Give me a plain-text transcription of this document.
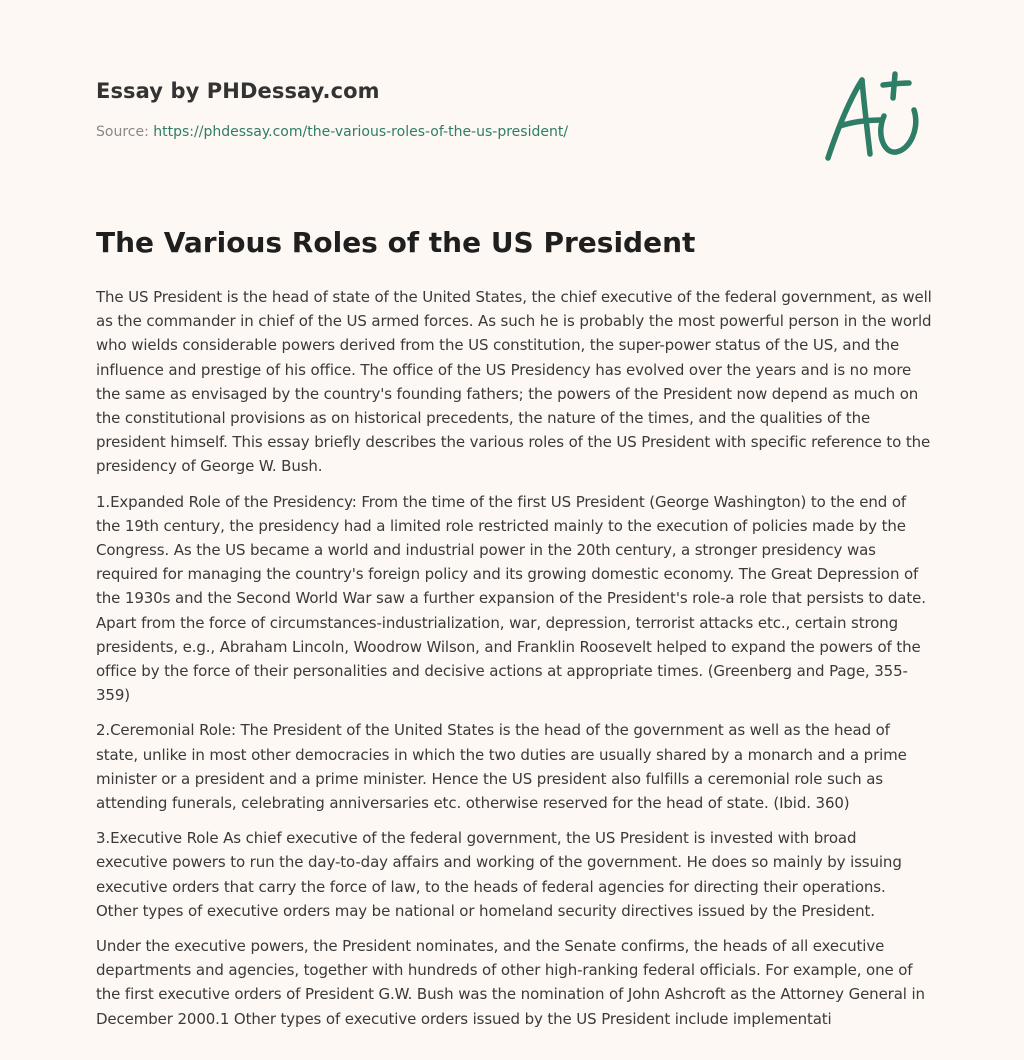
Essay by PHDessay.com
Source: https://phdessay.com/the-various-roles-of-the-us-president/
The Various Roles of the US President

The US President is the head of state of the United States, the chief executive of the federal government, as well as the commander in chief of the US armed forces. As such he is probably the most powerful person in the world who wields considerable powers derived from the US constitution, the super-power status of the US, and the influence and prestige of his office. The office of the US Presidency has evolved over the years and is no more the same as envisaged by the country's founding fathers; the powers of the President now depend as much on the constitutional provisions as on historical precedents, the nature of the times, and the qualities of the president himself. This essay briefly describes the various roles of the US President with specific reference to the presidency of George W. Bush.

1.Expanded Role of the Presidency: From the time of the first US President (George Washington) to the end of the 19th century, the presidency had a limited role restricted mainly to the execution of policies made by the Congress. As the US became a world and industrial power in the 20th century, a stronger presidency was required for managing the country's foreign policy and its growing domestic economy. The Great Depression of the 1930s and the Second World War saw a further expansion of the President's role-a role that persists to date. Apart from the force of circumstances-industrialization, war, depression, terrorist attacks etc., certain strong presidents, e.g., Abraham Lincoln, Woodrow Wilson, and Franklin Roosevelt helped to expand the powers of the office by the force of their personalities and decisive actions at appropriate times. (Greenberg and Page, 355-359)

2.Ceremonial Role: The President of the United States is the head of the government as well as the head of state, unlike in most other democracies in which the two duties are usually shared by a monarch and a prime minister or a president and a prime minister. Hence the US president also fulfills a ceremonial role such as attending funerals, celebrating anniversaries etc. otherwise reserved for the head of state. (Ibid. 360)

3.Executive Role As chief executive of the federal government, the US President is invested with broad executive powers to run the day-to-day affairs and working of the government. He does so mainly by issuing executive orders that carry the force of law, to the heads of federal agencies for directing their operations. Other types of executive orders may be national or homeland security directives issued by the President.

Under the executive powers, the President nominates, and the Senate confirms, the heads of all executive departments and agencies, together with hundreds of other high-ranking federal officials. For example, one of the first executive orders of President G.W. Bush was the nomination of John Ashcroft as the Attorney General in December 2000.1 Other types of executive orders issued by the US President include implementati
